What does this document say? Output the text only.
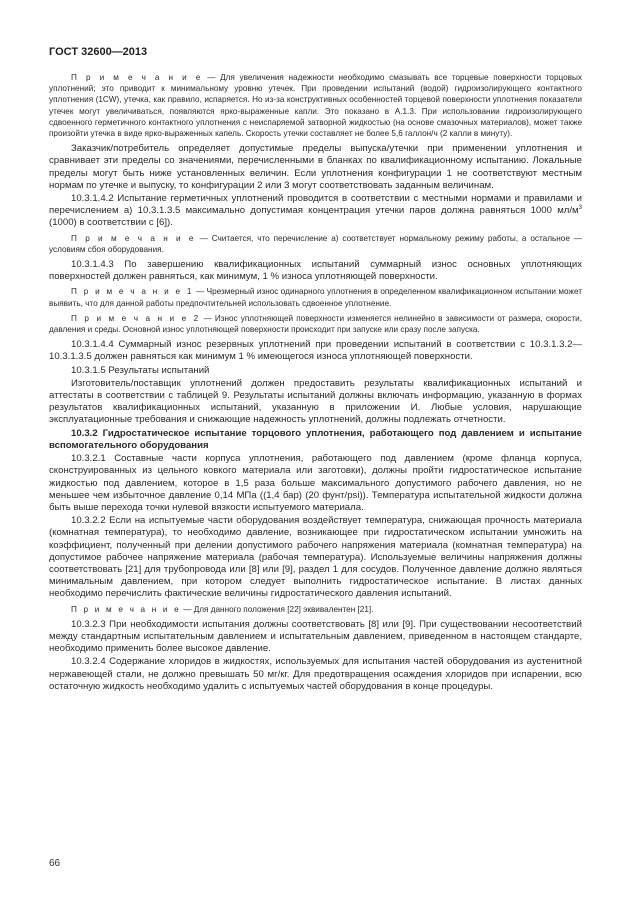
ГОСТ 32600—2013

П р и м е ч а н и е — Для увеличения надежности необходимо смазывать все торцевые поверхности торцовых уплотнений; это приводит к минимальному уровню утечек. При проведении испытаний (водой) гидроизолирующего контактного уплотнения (1CW), утечка, как правило, испаряется. Но из-за конструктивных особенностей торцевой поверхности уплотнения показатели утечек могут увеличиваться, появляются ярко-выраженные капли. Это показано в А.1.3. При использовании гидроизолирующего сдвоенного герметичного контактного уплотнения с неиспаряемой затворной жидкостью (на основе смазочных материалов), может также произойти утечка в виде ярко-выраженных капель. Скорость утечки составляет не более 5,6 галлон/ч (2 капли в минуту).

Заказчик/потребитель определяет допустимые пределы выпуска/утечки при применении уплотнения и сравнивает эти пределы со значениями, перечисленными в бланках по квалификационному испытанию. Локальные пределы могут быть ниже установленных величин. Если уплотнения конфигурации 1 не соответствуют местным нормам по утечке и выпуску, то конфигурации 2 или 3 могут соответствовать заданным величинам.

10.3.1.4.2 Испытание герметичных уплотнений проводится в соответствии с местными нормами и правилами и перечислением а) 10.3.1.3.5 максимально допустимая концентрация утечки паров должна равняться 1000 $мл/м^3$ (1000) в соответствии с [6]).

П р и м е ч а н и е — Считается, что перечисление а) соответствует нормальному режиму работы, а остальное — условиям сбоя оборудования.

10.3.1.4.3 По завершению квалификационных испытаний суммарный износ основных уплотняющих поверхностей должен равняться, как минимум, 1 % износа уплотняющей поверхности.

П р и м е ч а н и е 1 — Чрезмерный износ одинарного уплотнения в определенном квалификационном испытании может выявить, что для данной работы предпочтительней использовать сдвоенное уплотнение.

П р и м е ч а н и е 2 — Износ уплотняющей поверхности изменяется нелинейно в зависимости от размера, скорости, давления и среды. Основной износ уплотняющей поверхности происходит при запуске или сразу после запуска.

10.3.1.4.4 Суммарный износ резервных уплотнений при проведении испытаний в соответствии с 10.3.1.3.2—10.3.1.3.5 должен равняться как минимум 1 % имеющегося износа уплотняющей поверхности.

10.3.1.5 Результаты испытаний

Изготовитель/поставщик уплотнений должен предоставить результаты квалификационных испытаний и аттестаты в соответствии с таблицей 9. Результаты испытаний должны включать информацию, указанную в формах результатов квалификационных испытаний, указанную в приложении И. Любые условия, нарушающие эксплуатационные требования и снижающие надежность уплотнений, должны подлежать отчетности.

10.3.2 Гидростатическое испытание торцового уплотнения, работающего под давлением и испытание вспомогательного оборудования

10.3.2.1 Составные части корпуса уплотнения, работающего под давлением (кроме фланца корпуса, сконструированных из цельного ковкого материала или заготовки), должны пройти гидростатическое испытание жидкостью под давлением, которое в 1,5 раза больше максимального допустимого рабочего давления, но не меньшее чем избыточное давление 0,14 МПа ((1,4 бар) (20 фунт/psi)). Температура испытательной жидкости должна быть выше перехода точки нулевой вязкости испытуемого материала.

10.3.2.2 Если на испытуемые части оборудования воздействует температура, снижающая прочность материала (комнатная температура), то необходимо давление, возникающее при гидростатическом испытании умножить на коэффициент, полученный при делении допустимого рабочего напряжения материала (комнатная температура) на допустимое рабочее напряжение материала (рабочая температура). Используемые величины напряжения должны соответствовать [21] для трубопровода или [8] или [9], раздел 1 для сосудов. Полученное давление должно являться минимальным давлением, при котором следует выполнить гидростатическое испытание. В листах данных необходимо перечислить фактические величины гидростатического давления испытаний.

П р и м е ч а н и е — Для данного положения [22] эквивалентен [21].

10.3.2.3 При необходимости испытания должны соответствовать [8] или [9]. При существовании несоответствий между стандартным испытательным давлением и испытательным давлением, приведенном в настоящем стандарте, необходимо применить более высокое давление.

10.3.2.4 Содержание хлоридов в жидкостях, используемых для испытания частей оборудования из аустенитной нержавеющей стали, не должно превышать 50 мг/кг. Для предотвращения осаждения хлоридов при испарении, всю остаточную жидкость необходимо удалить с испытуемых частей оборудования в конце процедуры.

66
